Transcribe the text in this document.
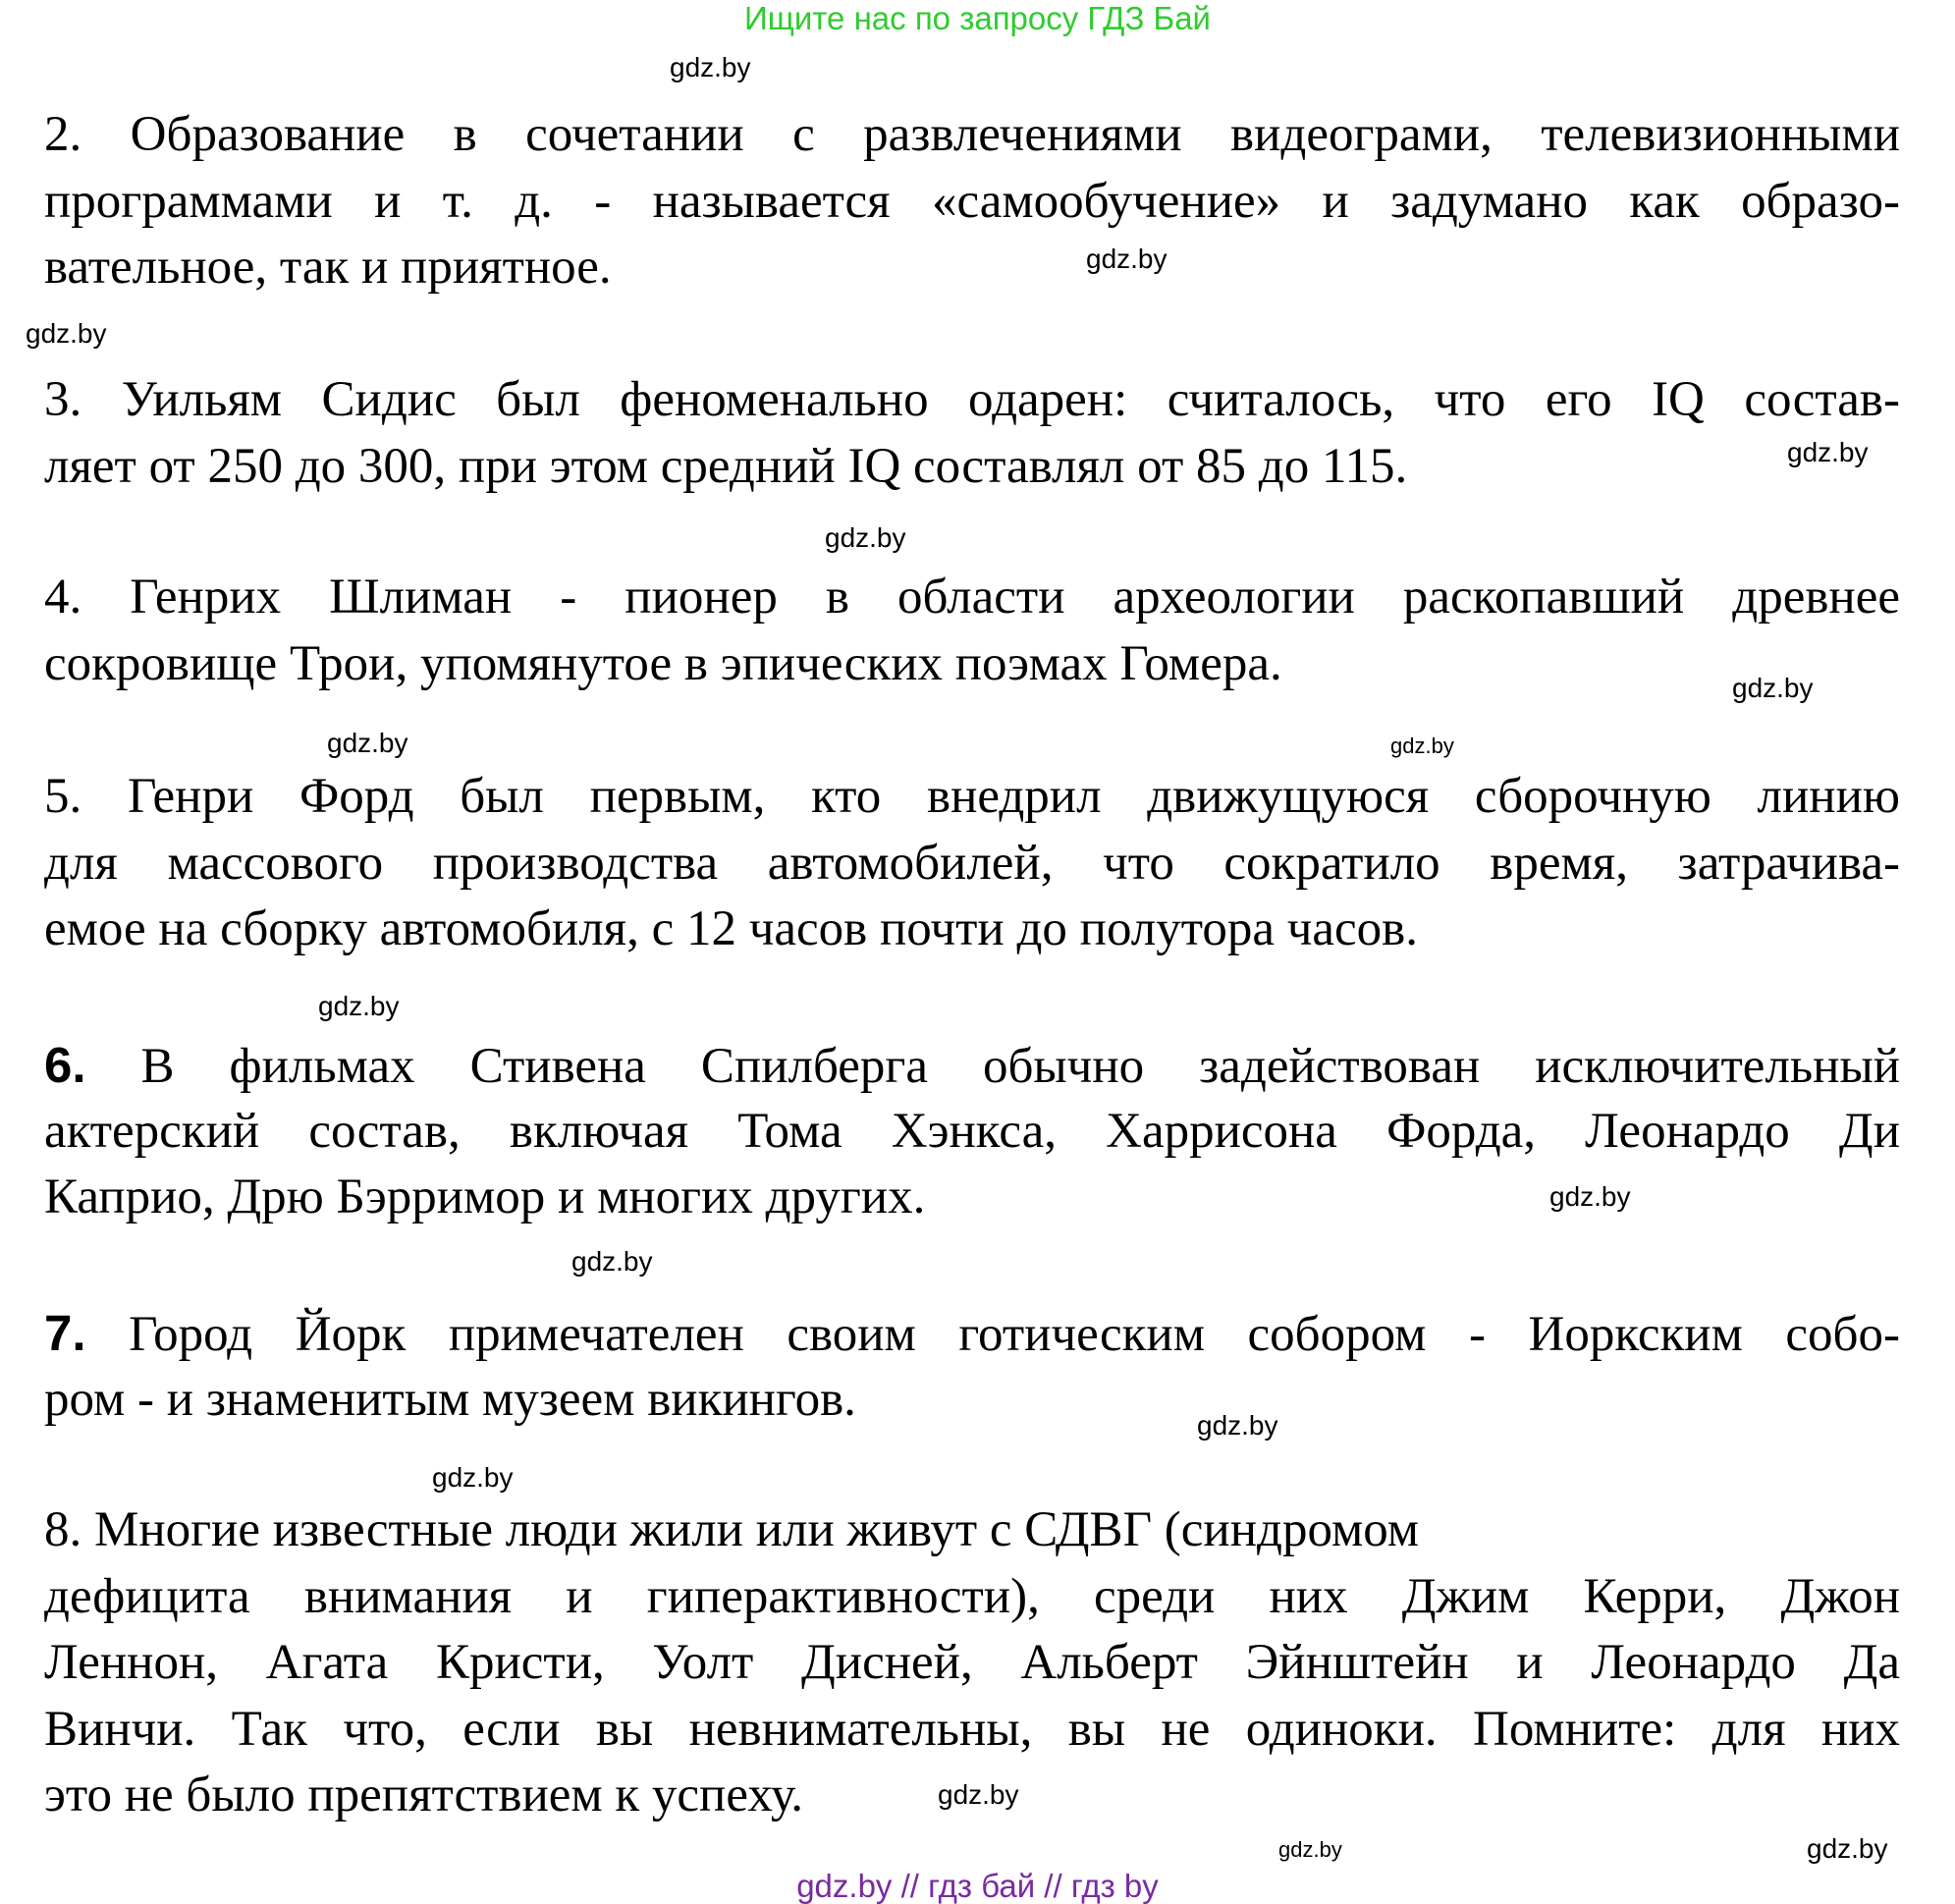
Ищите нас по запросу ГДЗ Бай
2. Образование в сочетании с развлечениями видеограми, телевизионными
программами и т. д. - называется «самообучение» и задумано как образо-
вательное, так и приятное.
3. Уильям Сидис был феноменально одарен: считалось, что его IQ состав-
ляет от 250 до 300, при этом средний IQ составлял от 85 до 115.
4. Генрих Шлиман - пионер в области археологии раскопавший древнее
сокровище Трои, упомянутое в эпических поэмах Гомера.
5. Генри Форд был первым, кто внедрил движущуюся сборочную линию
для массового производства автомобилей, что сократило время, затрачива-
емое на сборку автомобиля, с 12 часов почти до полутора часов.
6. В фильмах Стивена Спилберга обычно задействован исключительный
актерский состав, включая Тома Хэнкса, Харрисона Форда, Леонардо Ди
Каприо, Дрю Бэрримор и многих других.
7. Город Йорк примечателен своим готическим собором - Иоркским собо-
ром - и знаменитым музеем викингов.
8. Многие известные люди жили или живут с СДВГ (синдромом
дефицита внимания и гиперактивности), среди них Джим Керри, Джон
Леннон, Агата Кристи, Уолт Дисней, Альберт Эйнштейн и Леонардо Да
Винчи. Так что, если вы невнимательны, вы не одиноки. Помните: для них
это не было препятствием к успеху.
gdz.by
gdz.by
gdz.by
gdz.by
gdz.by
gdz.by
gdz.by	gdz.by
gdz.by
gdz.by
gdz.by
gdz.by
gdz.by
gdz.by
gdz.by
gdz.by
gdz.by // гдз бай // гдз by
